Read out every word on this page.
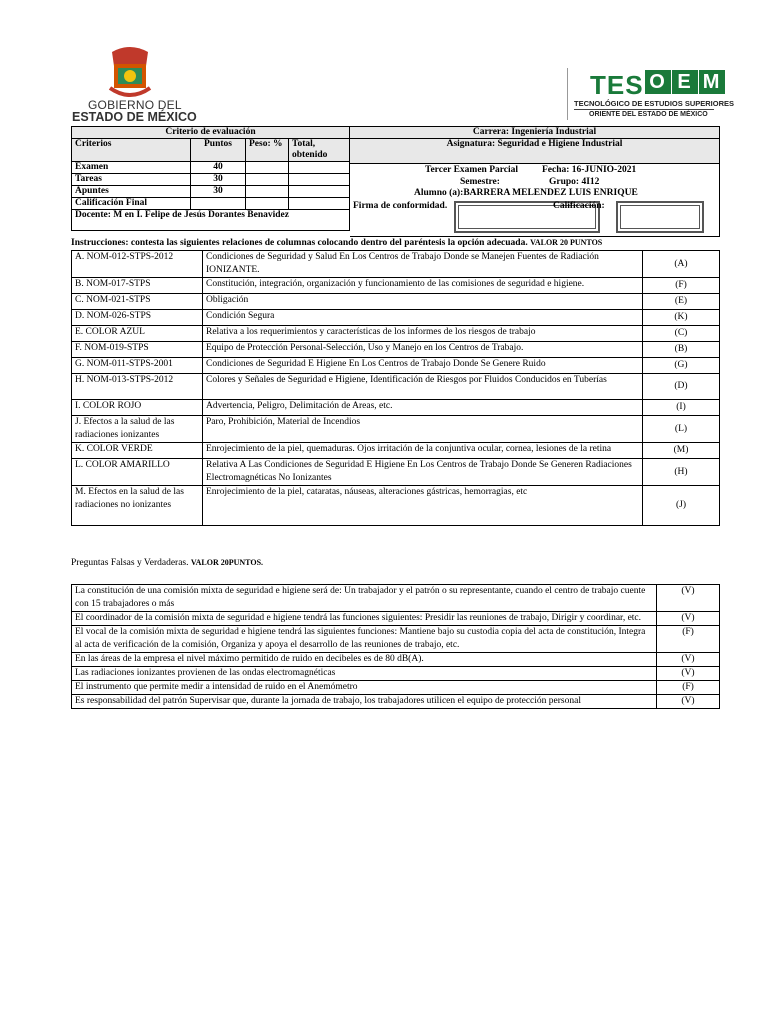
GOBIERNO DEL
ESTADO DE MÉXICO
TES O E M
TECNOLÓGICO DE ESTUDIOS SUPERIORES
ORIENTE DEL ESTADO DE MÉXICO
Criterio de evaluación			
Criterios	Puntos	Peso: %	Total, obtenido
Examen	40		
Tareas	30		
Apuntes	30		
Calificación Final			
Docente: M en I. Felipe de Jesús Dorantes Benavidez			
Carrera: Ingeniería Industrial
Asignatura: Seguridad e Higiene Industrial
Tercer Examen Parcial	Fecha: 16-JUNIO-2021
Semestre:	Grupo: 4I12
Alumno (a):BARRERA MELENDEZ LUIS ENRIQUE
Firma de conformidad.	Calificación:
Instrucciones: contesta las siguientes relaciones de columnas colocando dentro del paréntesis la opción adecuada. VALOR 20 PUNTOS
A. NOM-012-STPS-2012	Condiciones de Seguridad y Salud En Los Centros de Trabajo Donde se Manejen Fuentes de Radiación IONIZANTE.	(A)
B. NOM-017-STPS	Constitución, integración, organización y funcionamiento de las comisiones de seguridad e higiene.	(F)
C. NOM-021-STPS	Obligación	(E)
D. NOM-026-STPS	Condición Segura	(K)
E. COLOR AZUL	Relativa a los requerimientos y características de los informes de los riesgos de trabajo	(C)
F. NOM-019-STPS	Equipo de Protección Personal-Selección, Uso y Manejo en los Centros de Trabajo.	(B)
G. NOM-011-STPS-2001	Condiciones de Seguridad E Higiene En Los Centros de Trabajo Donde Se Genere Ruido	(G)
H. NOM-013-STPS-2012	Colores y Señales de Seguridad e Higiene, Identificación de Riesgos por Fluidos Conducidos en Tuberías	(D)
I. COLOR ROJO	Advertencia, Peligro, Delimitación de Areas, etc.	(I)
J. Efectos a la salud de las radiaciones ionizantes	Paro, Prohibición, Material de Incendios	(L)
K. COLOR VERDE	Enrojecimiento de la piel, quemaduras. Ojos irritación de la conjuntiva ocular, cornea, lesiones de la retina	(M)
L. COLOR AMARILLO	Relativa A Las Condiciones de Seguridad E Higiene En Los Centros de Trabajo Donde Se Generen Radiaciones Electromagnéticas No Ionizantes	(H)
M. Efectos en la salud de las radiaciones no ionizantes	Enrojecimiento de la piel, cataratas, náuseas, alteraciones gástricas, hemorragias, etc	(J)
Preguntas Falsas y Verdaderas. VALOR 20PUNTOS.
La constitución de una comisión mixta de seguridad e higiene será de: Un trabajador y el patrón o su representante, cuando el centro de trabajo cuente con 15 trabajadores o más	(V)
El coordinador de la comisión mixta de seguridad e higiene tendrá las funciones siguientes: Presidir las reuniones de trabajo, Dirigir y coordinar, etc.	(V)
El vocal de la comisión mixta de seguridad e higiene tendrá las siguientes funciones: Mantiene bajo su custodia copia del acta de constitución, Integra al acta de verificación de la comisión, Organiza y apoya el desarrollo de las reuniones de trabajo, etc.	(F)
En las áreas de la empresa el nivel máximo permitido de ruido en decibeles es de 80 dB(A).	(V)
Las radiaciones ionizantes provienen de las ondas electromagnéticas	(V)
El instrumento que permite medir a intensidad de ruido en el Anemómetro	(F)
Es responsabilidad del patrón Supervisar que, durante la jornada de trabajo, los trabajadores utilicen el equipo de protección personal	(V)
